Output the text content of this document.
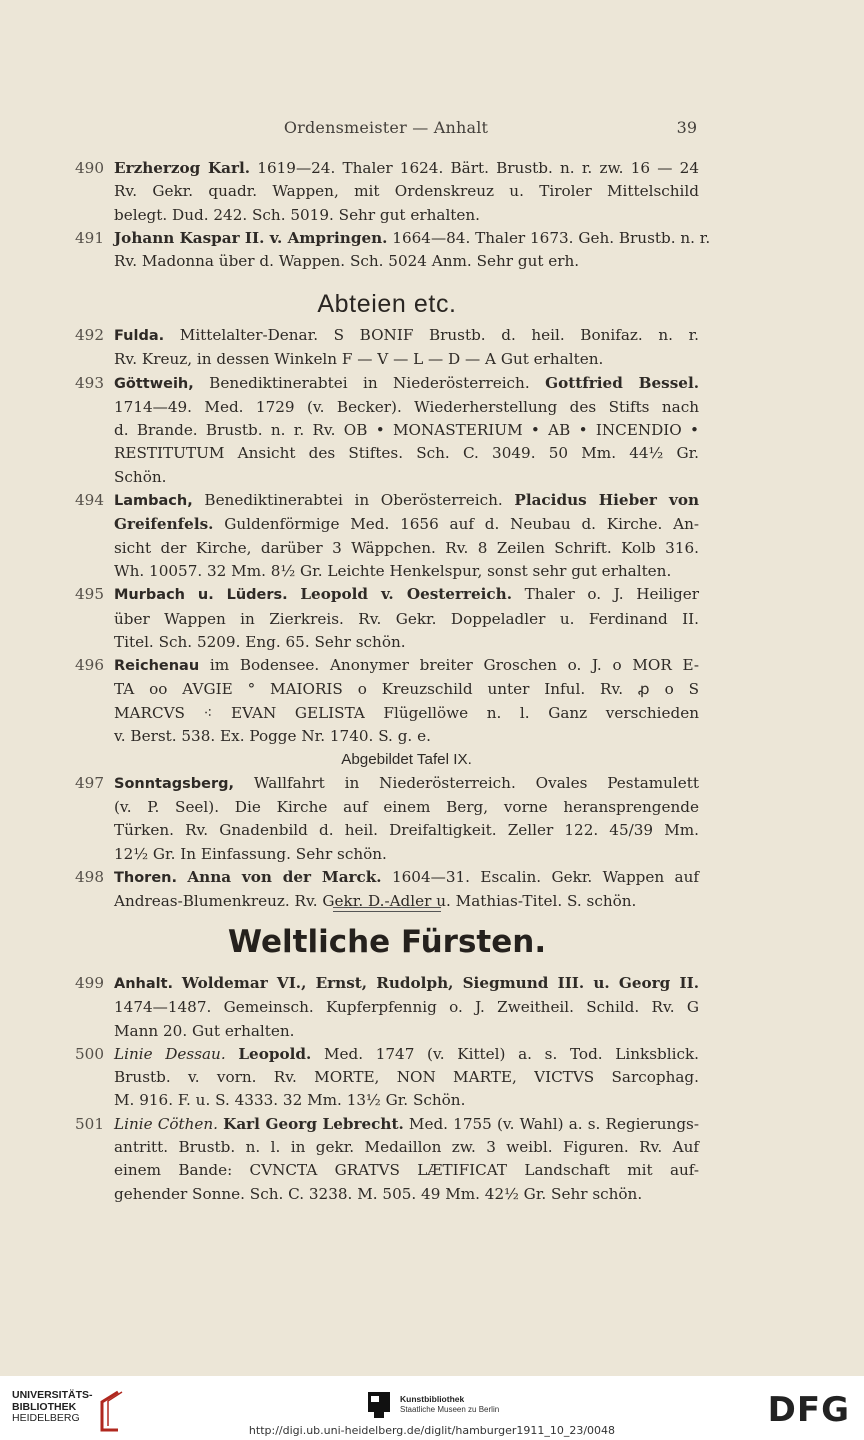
Ordensmeister — Anhalt	39
490 Erzherzog Karl. 1619—24. Thaler 1624. Bärt. Brustb. n. r. zw. 16 — 24
Rv. Gekr. quadr. Wappen, mit Ordenskreuz u. Tiroler Mittelschild
belegt. Dud. 242. Sch. 5019. Sehr gut erhalten.
491 Johann Kaspar II. v. Ampringen. 1664—84. Thaler 1673. Geh. Brustb. n. r.
Rv. Madonna über d. Wappen. Sch. 5024 Anm. Sehr gut erh.
Abteien etc.
492 Fulda. Mittelalter-Denar. S BONIF Brustb. d. heil. Bonifaz. n. r.
Rv. Kreuz, in dessen Winkeln F — V — L — D — A Gut erhalten.
493 Göttweih, Benediktinerabtei in Niederösterreich. Gottfried Bessel.
1714—49. Med. 1729 (v. Becker). Wiederherstellung des Stifts nach
d. Brande. Brustb. n. r. Rv. OB • MONASTERIUM • AB • INCENDIO •
RESTITUTUM Ansicht des Stiftes. Sch. C. 3049. 50 Mm. 44½ Gr.
Schön.
494 Lambach, Benediktinerabtei in Oberösterreich. Placidus Hieber von
Greifenfels. Guldenförmige Med. 1656 auf d. Neubau d. Kirche. An-
sicht der Kirche, darüber 3 Wäppchen. Rv. 8 Zeilen Schrift. Kolb 316.
Wh. 10057. 32 Mm. 8½ Gr. Leichte Henkelspur, sonst sehr gut erhalten.
495 Murbach u. Lüders. Leopold v. Oesterreich. Thaler o. J. Heiliger
über Wappen in Zierkreis. Rv. Gekr. Doppeladler u. Ferdinand II.
Titel. Sch. 5209. Eng. 65. Sehr schön.
496 Reichenau im Bodensee. Anonymer breiter Groschen o. J. o MOR E-
TA oo AVGIE ° MAIORIS o Kreuzschild unter Inful. Rv. ꝓ o S
MARCVS ⁖ EVAN GELISTA Flügellöwe n. l. Ganz verschieden
v. Berst. 538. Ex. Pogge Nr. 1740. S. g. e.
Abgebildet Tafel IX.
497 Sonntagsberg, Wallfahrt in Niederösterreich. Ovales Pestamulett
(v. P. Seel). Die Kirche auf einem Berg, vorne heransprengende
Türken. Rv. Gnadenbild d. heil. Dreifaltigkeit. Zeller 122. 45/39 Mm.
12½ Gr. In Einfassung. Sehr schön.
498 Thoren. Anna von der Marck. 1604—31. Escalin. Gekr. Wappen auf
Andreas-Blumenkreuz. Rv. Gekr. D.-Adler u. Mathias-Titel. S. schön.
Weltliche Fürsten.
499 Anhalt. Woldemar VI., Ernst, Rudolph, Siegmund III. u. Georg II.
1474—1487. Gemeinsch. Kupferpfennig o. J. Zweitheil. Schild. Rv. G
Mann 20. Gut erhalten.
500 Linie Dessau. Leopold. Med. 1747 (v. Kittel) a. s. Tod. Linksblick.
Brustb. v. vorn. Rv. MORTE, NON MARTE, VICTVS Sarcophag.
M. 916. F. u. S. 4333. 32 Mm. 13½ Gr. Schön.
501 Linie Cöthen. Karl Georg Lebrecht. Med. 1755 (v. Wahl) a. s. Regierungs-
antritt. Brustb. n. l. in gekr. Medaillon zw. 3 weibl. Figuren. Rv. Auf
einem Bande: CVNCTA GRATVS LÆTIFICAT Landschaft mit auf-
gehender Sonne. Sch. C. 3238. M. 505. 49 Mm. 42½ Gr. Sehr schön.
UNIVERSITÄTS-
BIBLIOTHEK
HEIDELBERG
Kunstbibliothek
Staatliche Museen zu Berlin	DFG
http://digi.ub.uni-heidelberg.de/diglit/hamburger1911_10_23/0048
